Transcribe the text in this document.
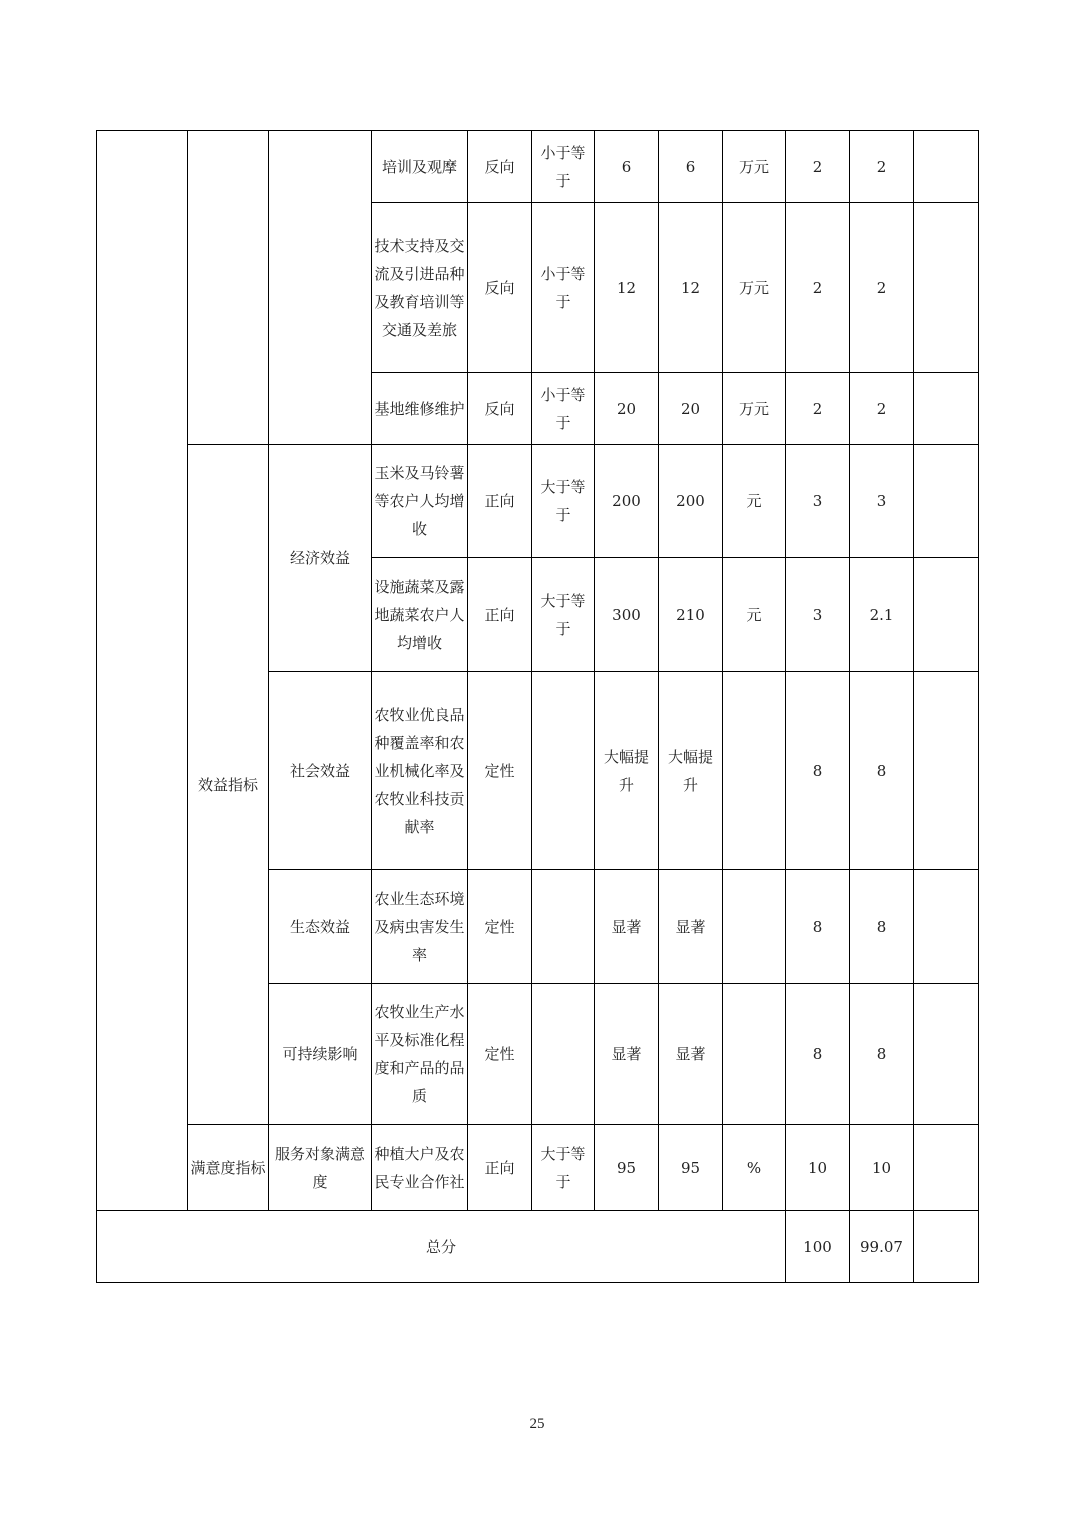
			培训及观摩	反向	小于等于	6	6	万元	2	2	
			技术支持及交流及引进品种及教育培训等交通及差旅	反向	小于等于	12	12	万元	2	2	
			基地维修维护	反向	小于等于	20	20	万元	2	2	
	效益指标	经济效益	玉米及马铃薯等农户人均增收	正向	大于等于	200	200	元	3	3	
			设施蔬菜及露地蔬菜农户人均增收	正向	大于等于	300	210	元	3	2.1	
		社会效益	农牧业优良品种覆盖率和农业机械化率及农牧业科技贡献率	定性		大幅提升	大幅提升		8	8	
		生态效益	农业生态环境及病虫害发生率	定性		显著	显著		8	8	
		可持续影响	农牧业生产水平及标准化程度和产品的品质	定性		显著	显著		8	8	
	满意度指标	服务对象满意度	种植大户及农民专业合作社	正向	大于等于	95	95	%	10	10	
总分									100	99.07	
25
